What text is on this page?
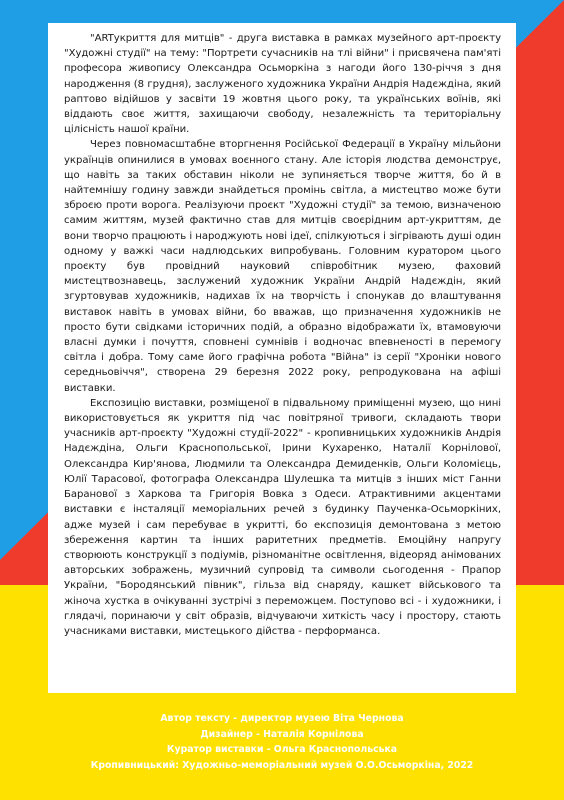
"ARTукриття для митців" - друга виставка в рамках музейного арт-проєкту "Художні студії" на тему: "Портрети сучасників на тлі війни" і присвячена пам'яті професора живопису Олександра Осьморкіна з нагоди його 130-річчя з дня народження (8 грудня), заслуженого художника України Андрія Надєждіна, який раптово відійшов у засвіти 19 жовтня цього року, та українських воїнів, які віддають своє життя, захищаючи свободу, незалежність та територіальну цілісність нашої країни.

Через повномасштабне вторгнення Російської Федерації в Україну мільйони українців опинилися в умовах воєнного стану. Але історія людства демонструє, що навіть за таких обставин ніколи не зупиняється творче життя, бо й в найтемнішу годину завжди знайдеться промінь світла, а мистецтво може бути зброєю проти ворога. Реалізуючи проєкт "Художні студії" за темою, визначеною самим життям, музей фактично став для митців своєрідним арт-укриттям, де вони творчо працюють і народжують нові ідеї, спілкуються і зігрівають душі один одному у важкі часи надлюдських випробувань. Головним куратором цього проєкту був провідний науковий співробітник музею, фаховий мистецтвознавець, заслужений художник України Андрій Надєждін, який згуртовував художників, надихав їх на творчість і спонукав до влаштування виставок навіть в умовах війни, бо вважав, що призначення художників не просто бути свідками історичних подій, а образно відображати їх, втамовуючи власні думки і почуття, сповнені сумнівів і водночас впевненості в перемогу світла і добра. Тому саме його графічна робота "Війна" із серії "Хроніки нового середньовіччя", створена 29 березня 2022 року, репродукована на афіші виставки.

Експозицію виставки, розміщеної в підвальному приміщенні музею, що нині використовується як укриття під час повітряної тривоги, складають твори учасників арт-проєкту "Художні студії-2022" - кропивницьких художників Андрія Надєждіна, Ольги Краснопольської, Ірини Кухаренко, Наталії Корнілової, Олександра Кир'янова, Людмили та Олександра Демиденків, Ольги Коломієць, Юлії Тарасової, фотографа Олександра Шулешка та митців з інших міст Ганни Баранової з Харкова та Григорія Вовка з Одеси. Атрактивними акцентами виставки є інсталяції меморіальних речей з будинку Паученка-Осьморкіних, адже музей і сам перебуває в укритті, бо експозиція демонтована з метою збереження картин та інших раритетних предметів. Емоційну напругу створюють конструкції з подіумів, різноманітне освітлення, відеоряд анімованих авторських зображень, музичний супровід та символи сьогодення - Прапор України, "Бородянський півник", гільза від снаряду, кашкет військового та жіноча хустка в очікуванні зустрічі з переможцем. Поступово всі - і художники, і глядачі, поринаючи у світ образів, відчуваючи хиткість часу і простору, стають учасниками виставки, мистецького дійства - перформанса.

Автор тексту - директор музею Віта Чернова
Дизайнер - Наталія Корнілова
Куратор виставки - Ольга Краснопольська
Кропивницький: Художньо-меморіальний музей О.О.Осьморкіна, 2022
